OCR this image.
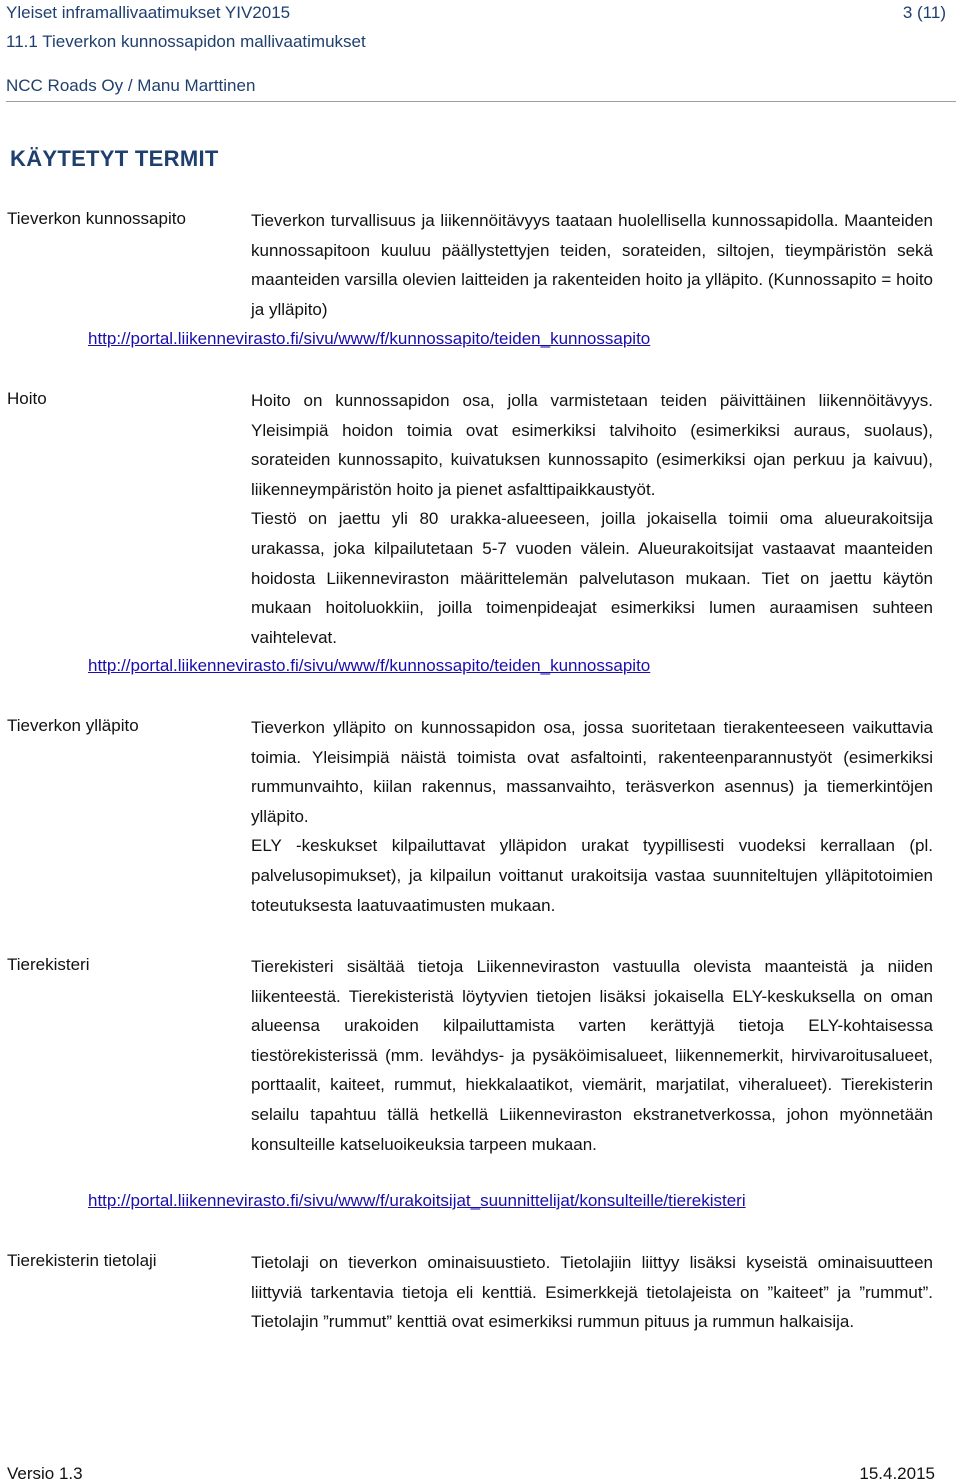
Yleiset inframallivaatimukset YIV2015	3 (11)
11.1 Tieverkon kunnossapidon mallivaatimukset
NCC Roads Oy / Manu Marttinen
KÄYTETYT TERMIT
Tieverkon kunnossapito	Tieverkon turvallisuus ja liikennöitävyys taataan huolellisella kunnossapidolla. Maanteiden kunnossapitoon kuuluu päällystettyjen teiden, sorateiden, siltojen, tieympäristön sekä maanteiden varsilla olevien laitteiden ja rakenteiden hoito ja ylläpito. (Kunnossapito = hoito ja ylläpito)

http://portal.liikennevirasto.fi/sivu/www/f/kunnossapito/teiden_kunnossapito
Hoito	Hoito on kunnossapidon osa, jolla varmistetaan teiden päivittäinen liikennöitävyys. Yleisimpiä hoidon toimia ovat esimerkiksi talvihoito (esimerkiksi auraus, suolaus), sorateiden kunnossapito, kuivatuksen kunnossapito (esimerkiksi ojan perkuu ja kaivuu), liikenneympäristön hoito ja pienet asfalttipaikkaustyöt.

Tiestö on jaettu yli 80 urakka-alueeseen, joilla jokaisella toimii oma alueurakoitsija urakassa, joka kilpailutetaan 5-7 vuoden välein. Alueurakoitsijat vastaavat maanteiden hoidosta Liikenneviraston määrittelemän palvelutason mukaan. Tiet on jaettu käytön mukaan hoitoluokkiin, joilla toimenpideajat esimerkiksi lumen auraamisen suhteen vaihtelevat.

http://portal.liikennevirasto.fi/sivu/www/f/kunnossapito/teiden_kunnossapito
Tieverkon ylläpito	Tieverkon ylläpito on kunnossapidon osa, jossa suoritetaan tierakenteeseen vaikuttavia toimia. Yleisimpiä näistä toimista ovat asfaltointi, rakenteenparannustyöt (esimerkiksi rummunvaihto, kiilan rakennus, massanvaihto, teräsverkon asennus) ja tiemerkintöjen ylläpito.

ELY -keskukset kilpailuttavat ylläpidon urakat tyypillisesti vuodeksi kerrallaan (pl. palvelusopimukset), ja kilpailun voittanut urakoitsija vastaa suunniteltujen ylläpitotoimien toteutuksesta laatuvaatimusten mukaan.

Tierekisteri	Tierekisteri sisältää tietoja Liikenneviraston vastuulla olevista maanteistä ja niiden liikenteestä. Tierekisteristä löytyvien tietojen lisäksi jokaisella ELY-keskuksella on oman alueensa urakoiden kilpailuttamista varten kerättyjä tietoja ELY-kohtaisessa tiestörekisterissä (mm. levähdys- ja pysäköimisalueet, liikennemerkit, hirvivaroitusalueet, porttaalit, kaiteet, rummut, hiekkalaatikot, viemärit, marjatilat, viheralueet). Tierekisterin selailu tapahtuu tällä hetkellä Liikenneviraston ekstranetverkossa, johon myönnetään konsulteille katseluoikeuksia tarpeen mukaan.

http://portal.liikennevirasto.fi/sivu/www/f/urakoitsijat_suunnittelijat/konsulteille/tierekisteri
Tierekisterin tietolaji	Tietolaji on tieverkon ominaisuustieto. Tietolajiin liittyy lisäksi kyseistä ominaisuutteen liittyviä tarkentavia tietoja eli kenttiä. Esimerkkejä tietolajeista on ”kaiteet” ja ”rummut”. Tietolajin ”rummut” kenttiä ovat esimerkiksi rummun pituus ja rummun halkaisija.

Versio 1.3	15.4.2015
